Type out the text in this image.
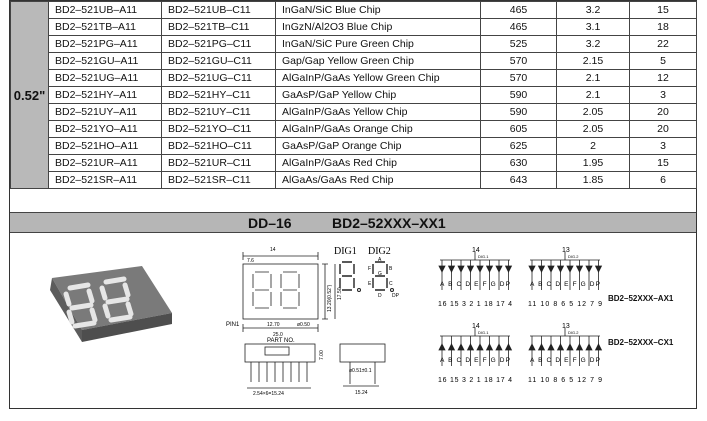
0.52"	BD2–521UB–A11	BD2–521UB–C11	InGaN/SiC Blue Chip	465	3.2	15
	BD2–521TB–A11	BD2–521TB–C11	InGzN/Al2O3 Blue Chip	465	3.1	18
	BD2–521PG–A11	BD2–521PG–C11	InGaN/SiC Pure Green Chip	525	3.2	22
	BD2–521GU–A11	BD2–521GU–C11	Gap/Gap Yellow Green Chip	570	2.15	5
	BD2–521UG–A11	BD2–521UG–C11	AlGaInP/GaAs Yellow Green Chip	570	2.1	12
	BD2–521HY–A11	BD2–521HY–C11	GaAsP/GaP Yellow Chip	590	2.1	3
	BD2–521UY–A11	BD2–521UY–C11	AlGaInP/GaAs Yellow Chip	590	2.05	20
	BD2–521YO–A11	BD2–521YO–C11	AlGaInP/GaAs Orange Chip	605	2.05	20
	BD2–521HO–A11	BD2–521HO–C11	GaAsP/GaP Orange Chip	625	2	3
	BD2–521UR–A11	BD2–521UR–C11	AlGaInP/GaAs Red Chip	630	1.95	15
	BD2–521SR–A11	BD2–521SR–C11	AlGaAs/GaAs Red Chip	643	1.85	6
DD–16	BD2–52XXX–XX1
PIN1
14
7.6
12.70
25.0
ø0.50
13.20(0.52") 17.50
PART NO.
2.54×6=15.24
7.00
ø0.51±0.1
15.24
DIG1 DIG2
A
B
C
D
E
F
G
DP
14	13
DIG.1	DIG.2
A B C D E F G DP	A B C D E F G DP
16 15 3 2 1 18 17 4 11 10 8 6 5 12 7 9
BD2–52XXX–AX1
14	13
DIG.1	DIG.2
A B C D E F G DP	A B C D E F G DP
16 15 3 2 1 18 17 4 11 10 8 6 5 12 7 9
BD2–52XXX–CX1
